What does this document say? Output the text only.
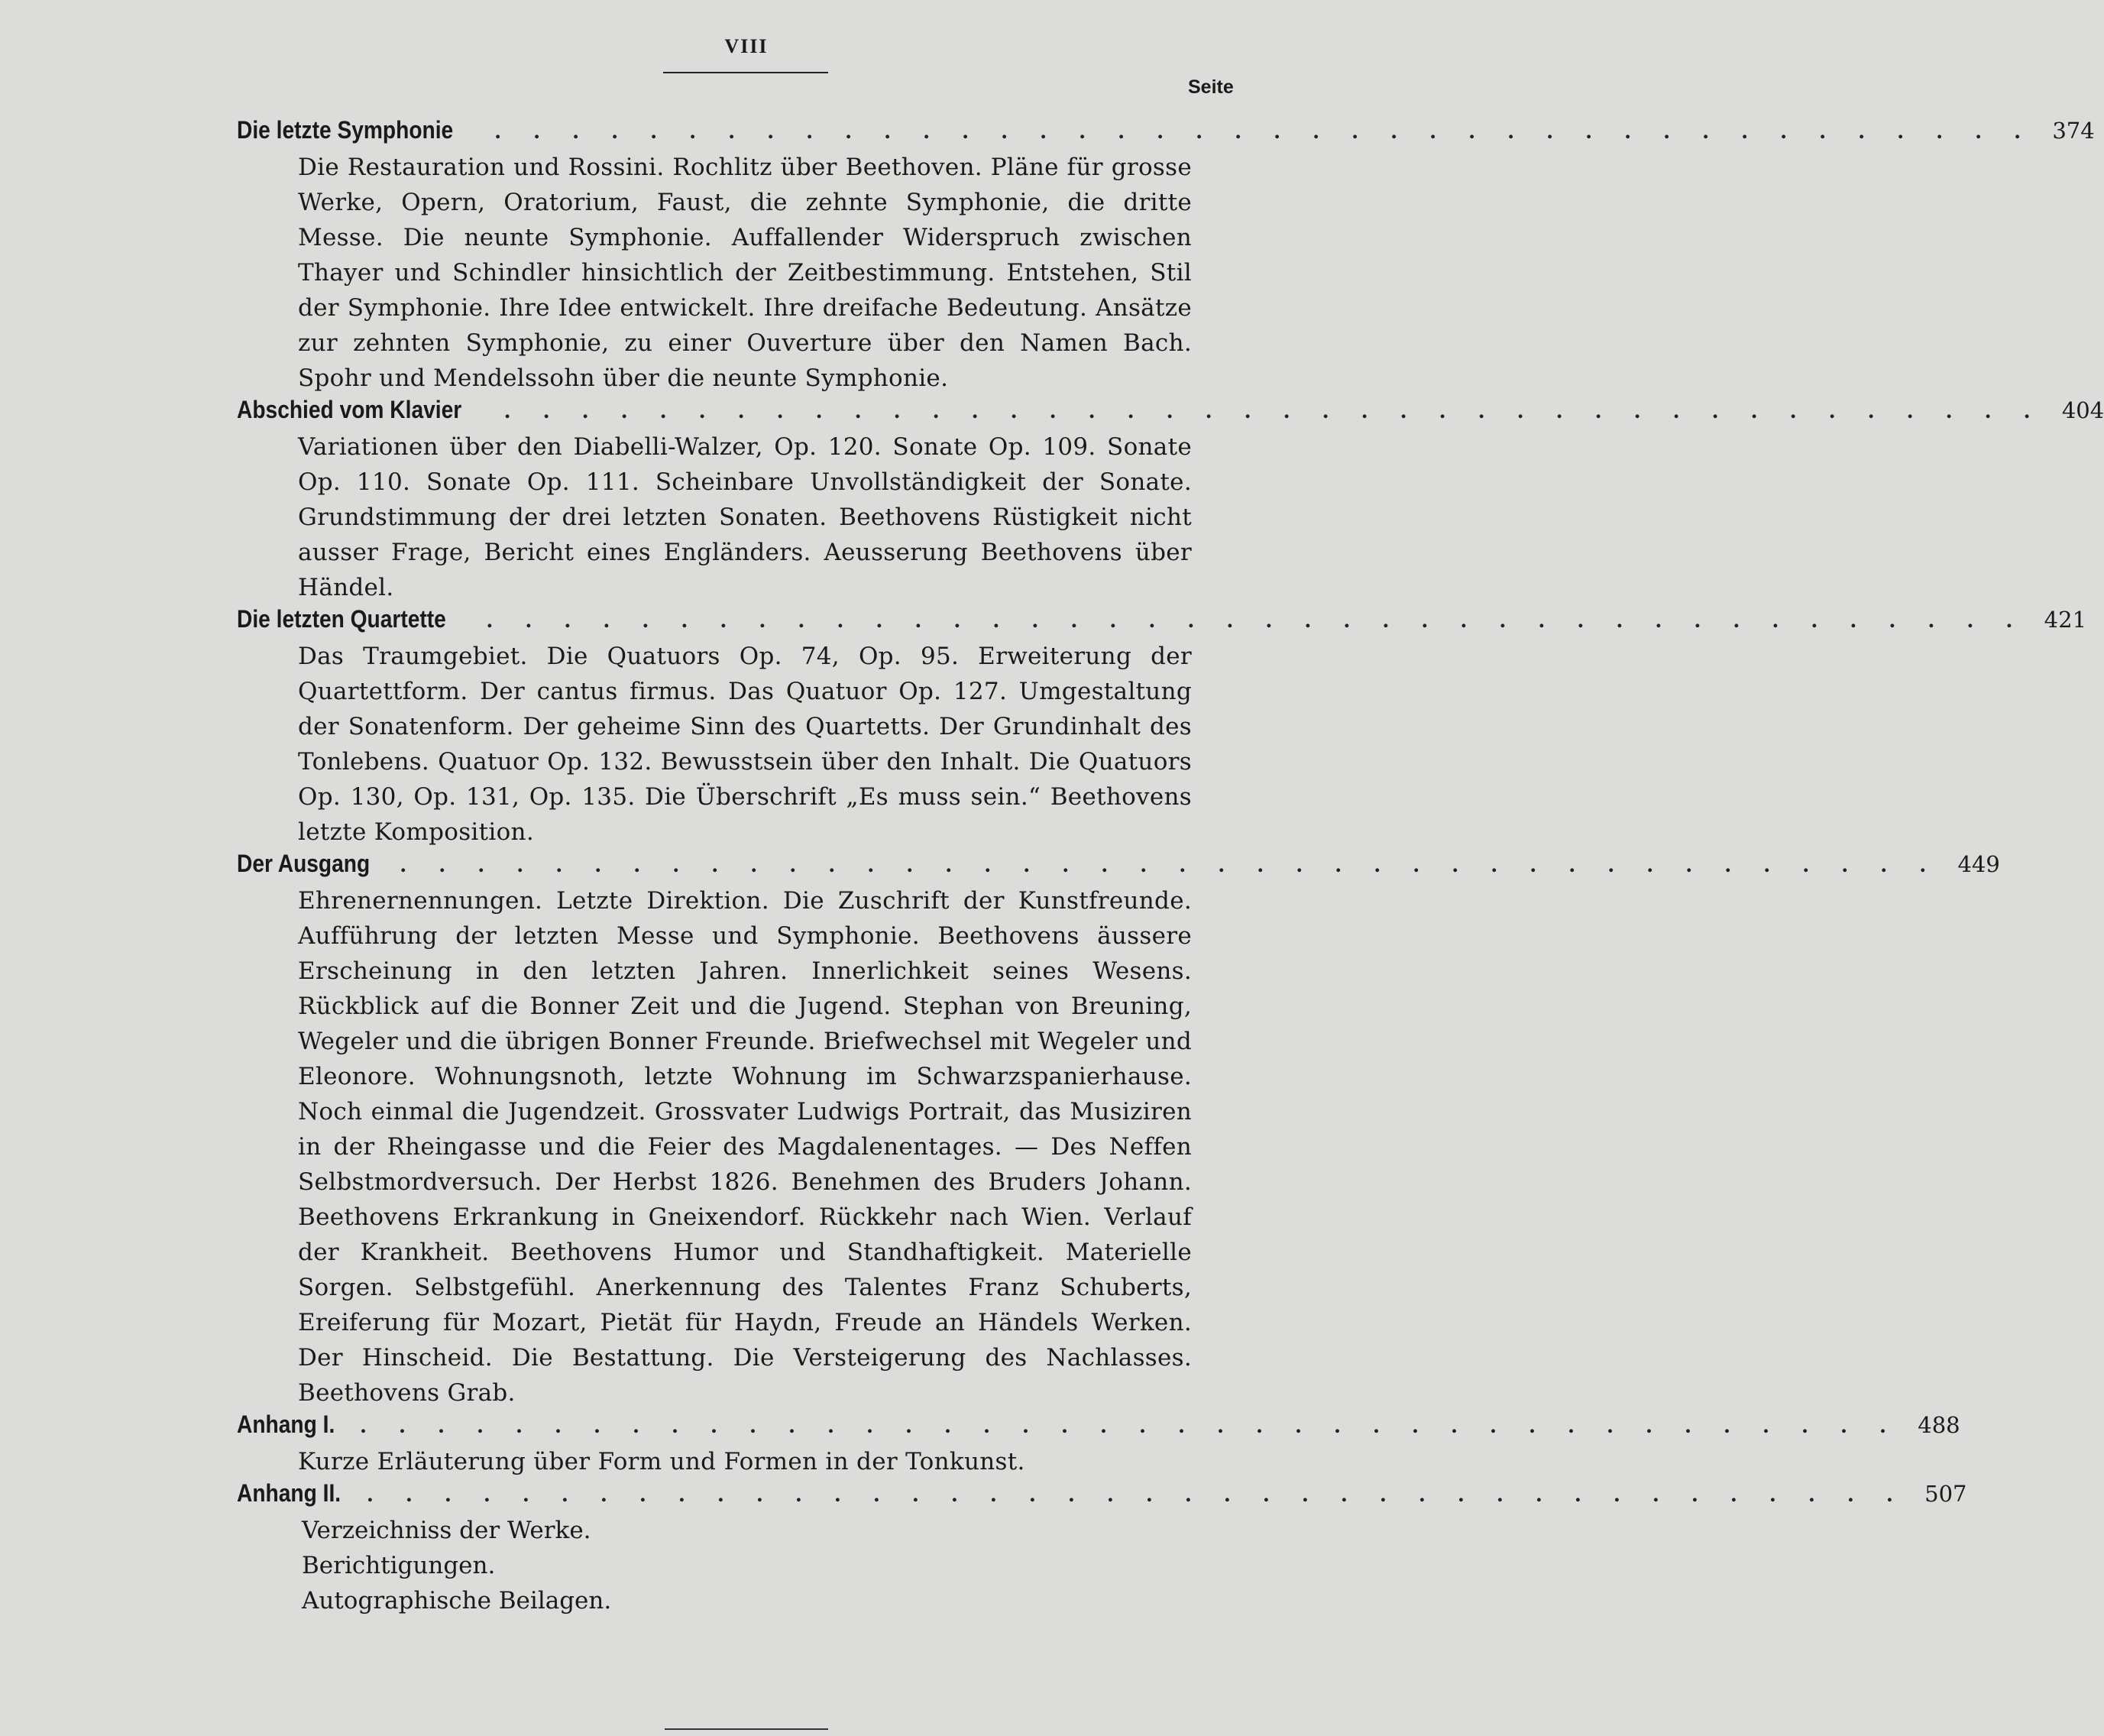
VIII
Seite
Die letzte Symphonie . . . . . . . . . . . . . . . . . . . . . . . . . . . . . . . . . . . . . . . . 374

Die Restauration und Rossini. Rochlitz über Beethoven. Pläne für grosse Werke, Opern, Oratorium, Faust, die zehnte Symphonie, die dritte Messe. Die neunte Symphonie. Auffallender Widerspruch zwischen Thayer und Schindler hinsichtlich der Zeitbestimmung. Entstehen, Stil der Symphonie. Ihre Idee entwickelt. Ihre dreifache Bedeutung. Ansätze zur zehnten Symphonie, zu einer Ouverture über den Namen Bach. Spohr und Mendelssohn über die neunte Symphonie.

Abschied vom Klavier . . . . . . . . . . . . . . . . . . . . . . . . . . . . . . . . . . . . . . . . 404

Variationen über den Diabelli-Walzer, Op. 120. Sonate Op. 109. Sonate Op. 110. Sonate Op. 111. Scheinbare Unvollständigkeit der Sonate. Grundstimmung der drei letzten Sonaten. Beethovens Rüstigkeit nicht ausser Frage, Bericht eines Engländers. Aeusserung Beethovens über Händel.

Die letzten Quartette . . . . . . . . . . . . . . . . . . . . . . . . . . . . . . . . . . . . . . . . 421

Das Traumgebiet. Die Quatuors Op. 74, Op. 95. Erweiterung der Quartettform. Der cantus firmus. Das Quatuor Op. 127. Umgestaltung der Sonatenform. Der geheime Sinn des Quartetts. Der Grundinhalt des Tonlebens. Quatuor Op. 132. Bewusstsein über den Inhalt. Die Quatuors Op. 130, Op. 131, Op. 135. Die Überschrift „Es muss sein.“ Beethovens letzte Komposition.

Der Ausgang . . . . . . . . . . . . . . . . . . . . . . . . . . . . . . . . . . . . . . . . 449

Ehrenernennungen. Letzte Direktion. Die Zuschrift der Kunstfreunde. Aufführung der letzten Messe und Symphonie. Beethovens äussere Erscheinung in den letzten Jahren. Innerlichkeit seines Wesens. Rückblick auf die Bonner Zeit und die Jugend. Stephan von Breuning, Wegeler und die übrigen Bonner Freunde. Briefwechsel mit Wegeler und Eleonore. Wohnungsnoth, letzte Wohnung im Schwarzspanierhause. Noch einmal die Jugendzeit. Grossvater Ludwigs Portrait, das Musiziren in der Rheingasse und die Feier des Magdalenentages. — Des Neffen Selbstmordversuch. Der Herbst 1826. Benehmen des Bruders Johann. Beethovens Erkrankung in Gneixendorf. Rückkehr nach Wien. Verlauf der Krankheit. Beethovens Humor und Standhaftigkeit. Materielle Sorgen. Selbstgefühl. Anerkennung des Talentes Franz Schuberts, Ereiferung für Mozart, Pietät für Haydn, Freude an Händels Werken. Der Hinscheid. Die Bestattung. Die Versteigerung des Nachlasses. Beethovens Grab.

Anhang I. . . . . . . . . . . . . . . . . . . . . . . . . . . . . . . . . . . . . . . . . 488

Kurze Erläuterung über Form und Formen in der Tonkunst.

Anhang II. . . . . . . . . . . . . . . . . . . . . . . . . . . . . . . . . . . . . . . . . 507
Verzeichniss der Werke.
Berichtigungen.
Autographische Beilagen.
